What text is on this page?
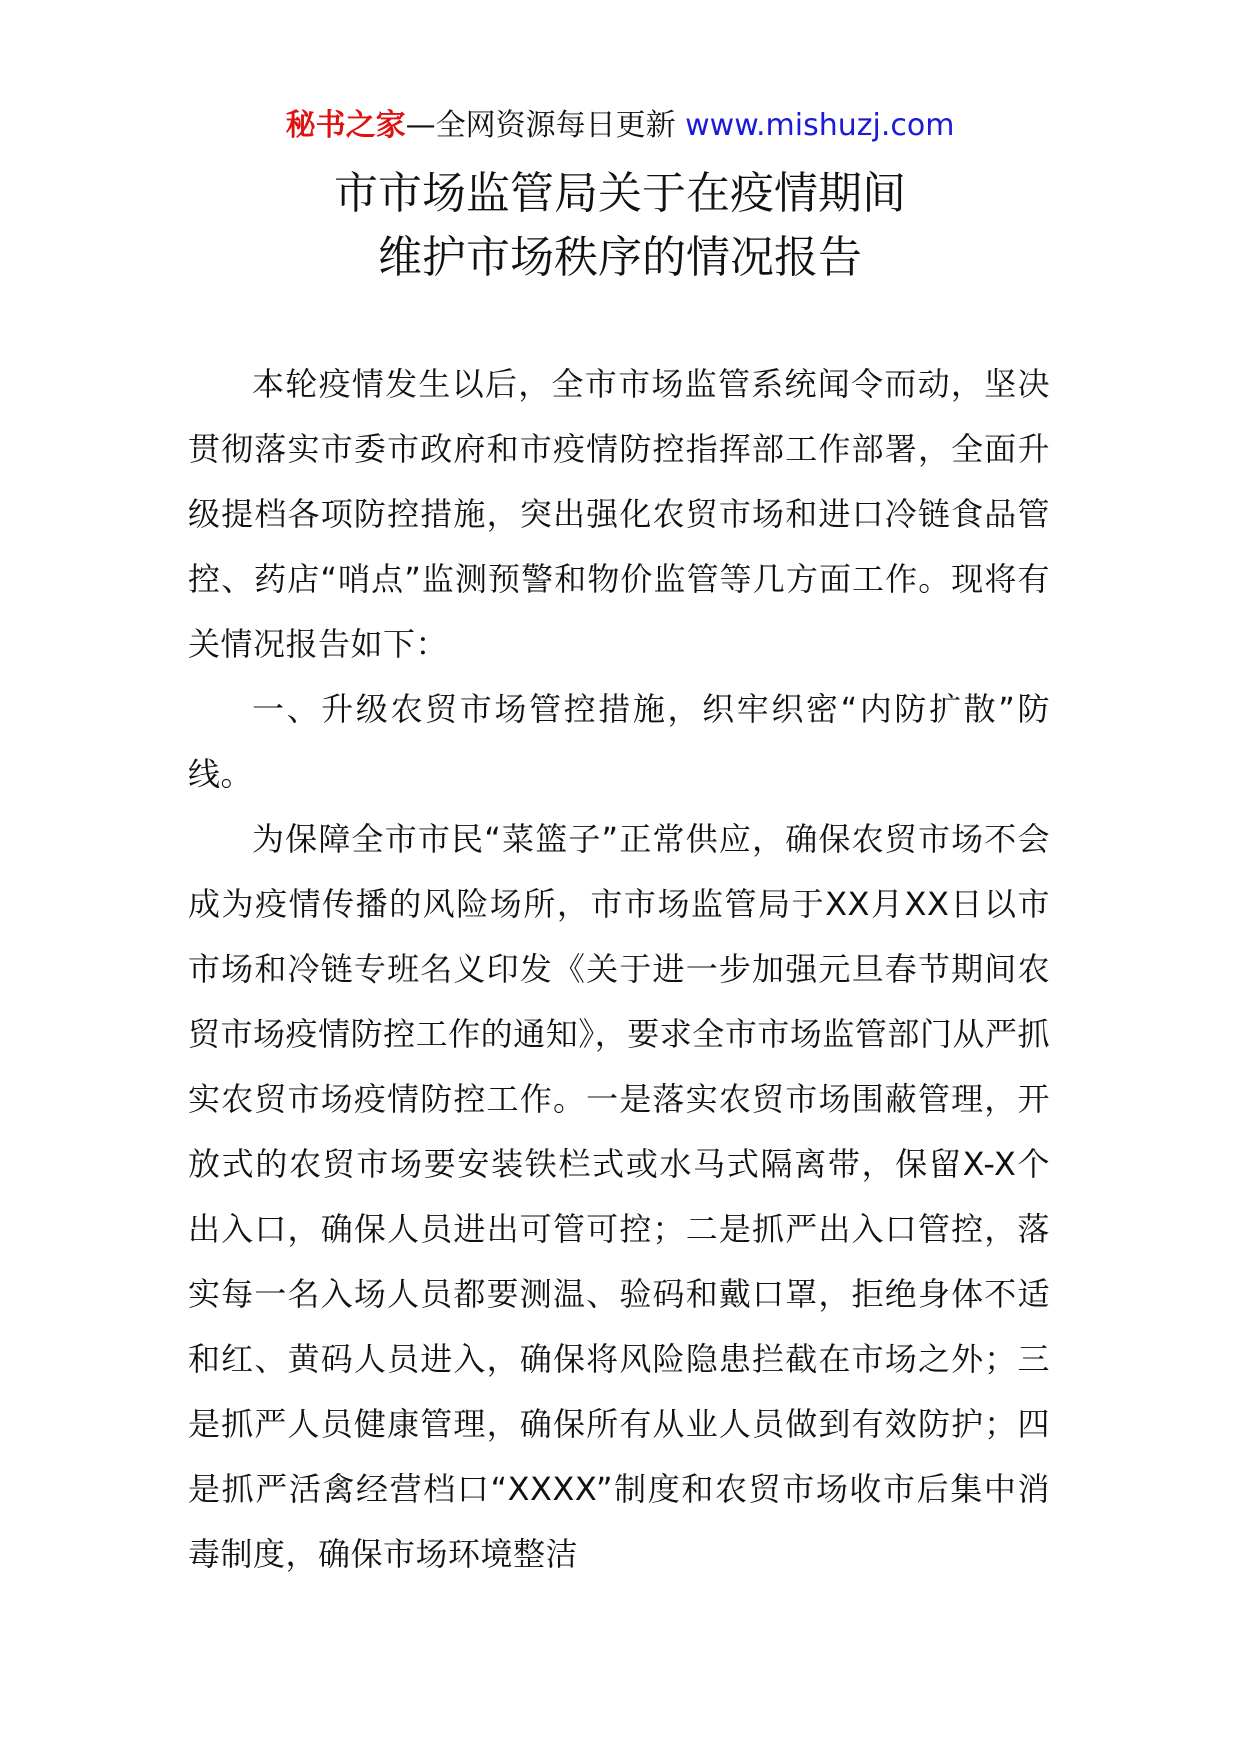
秘书之家—全网资源每日更新 www.mishuzj.com
市市场监管局关于在疫情期间
维护市场秩序的情况报告

本轮疫情发生以后，全市市场监管系统闻令而动，坚决贯彻落实市委市政府和市疫情防控指挥部工作部署，全面升级提档各项防控措施，突出强化农贸市场和进口冷链食品管控、药店“哨点”监测预警和物价监管等几方面工作。现将有关情况报告如下：

一、升级农贸市场管控措施，织牢织密“内防扩散”防线。

为保障全市市民“菜篮子”正常供应，确保农贸市场不会成为疫情传播的风险场所，市市场监管局于XX月XX日以市市场和冷链专班名义印发《关于进一步加强元旦春节期间农贸市场疫情防控工作的通知》，要求全市市场监管部门从严抓实农贸市场疫情防控工作。一是落实农贸市场围蔽管理，开放式的农贸市场要安装铁栏式或水马式隔离带，保留X-X个出入口，确保人员进出可管可控；二是抓严出入口管控，落实每一名入场人员都要测温、验码和戴口罩，拒绝身体不适和红、黄码人员进入，确保将风险隐患拦截在市场之外；三是抓严人员健康管理，确保所有从业人员做到有效防护；四是抓严活禽经营档口“XXXX”制度和农贸市场收市后集中消毒制度，确保市场环境整洁
